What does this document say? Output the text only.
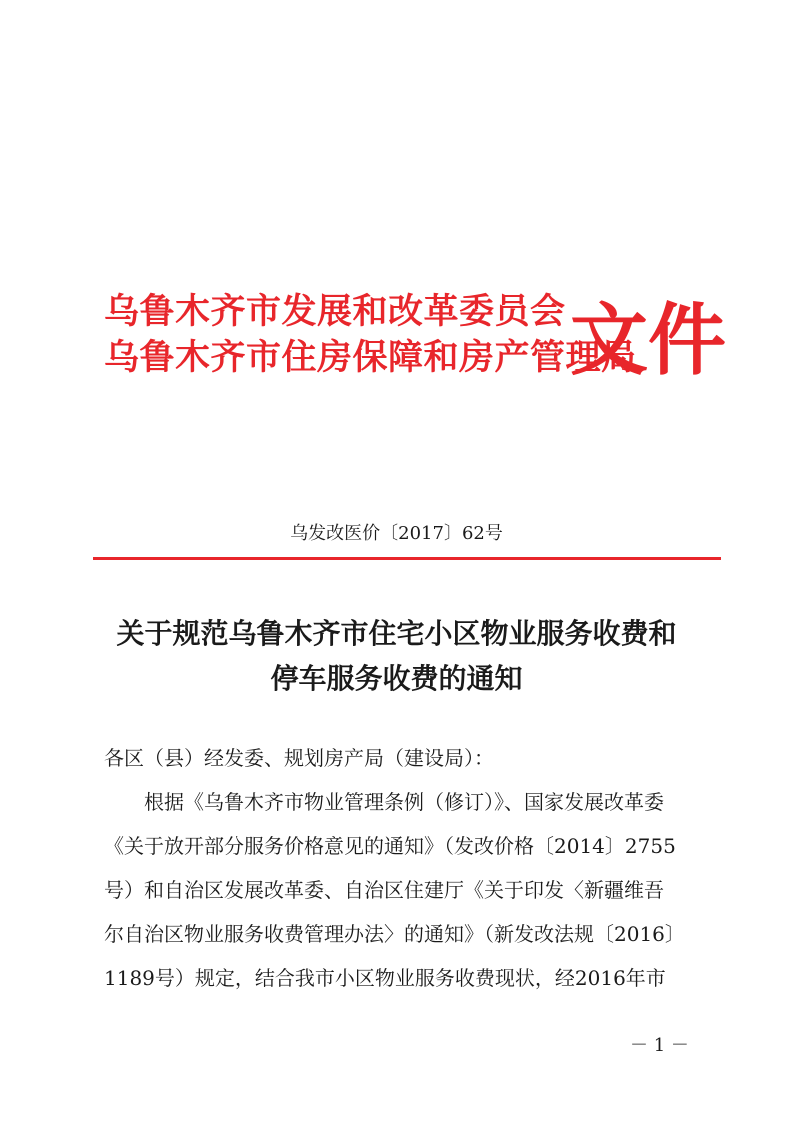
乌鲁木齐市发展和改革委员会
乌鲁木齐市住房保障和房产管理局
文件
乌发改医价〔2017〕62号
关于规范乌鲁木齐市住宅小区物业服务收费和
停车服务收费的通知
各区（县）经发委、规划房产局（建设局）：
　　根据《乌鲁木齐市物业管理条例（修订）》、国家发展改革委
《关于放开部分服务价格意见的通知》（发改价格〔2014〕2755
号）和自治区发展改革委、自治区住建厅《关于印发〈新疆维吾
尔自治区物业服务收费管理办法〉的通知》（新发改法规〔2016〕
1189号）规定，结合我市小区物业服务收费现状，经2016年市
－ 1 －
